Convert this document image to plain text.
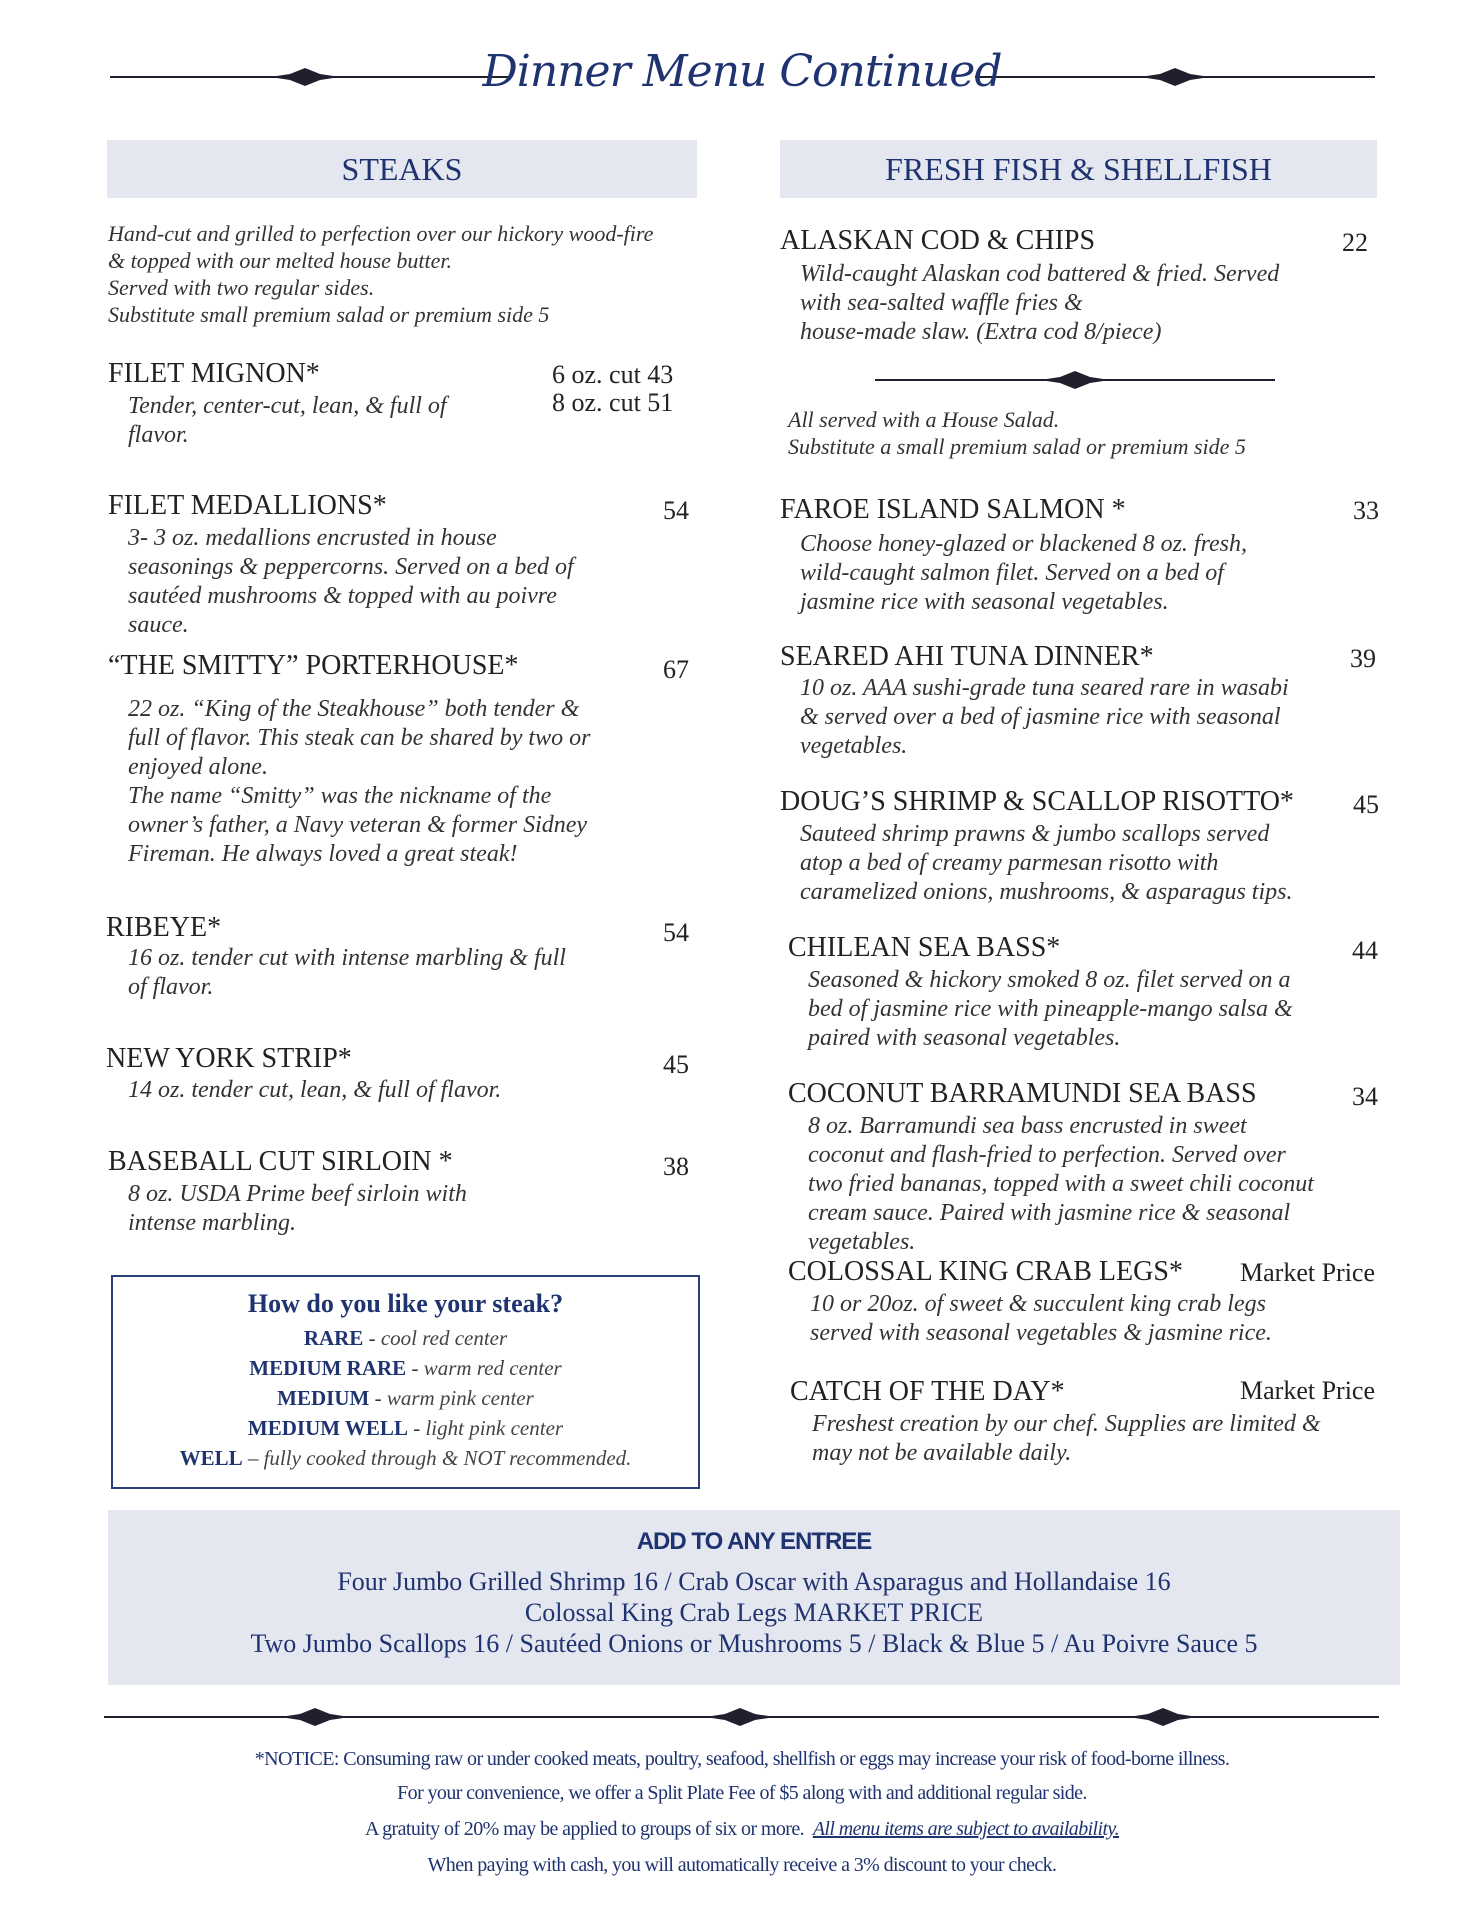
Dinner Menu Continued
STEAKS
Hand-cut and grilled to perfection over our hickory wood-fire
& topped with our melted house butter.
Served with two regular sides.
Substitute small premium salad or premium side 5
FILET MIGNON*	6 oz. cut 43
8 oz. cut 51
Tender, center-cut, lean, & full of
flavor.
FILET MEDALLIONS*	54
3- 3 oz. medallions encrusted in house
seasonings & peppercorns. Served on a bed of
sautéed mushrooms & topped with au poivre
sauce.
“THE SMITTY” PORTERHOUSE*	67
22 oz. “King of the Steakhouse” both tender &
full of flavor. This steak can be shared by two or
enjoyed alone.
The name “Smitty” was the nickname of the
owner’s father, a Navy veteran & former Sidney
Fireman. He always loved a great steak!
RIBEYE*	54
16 oz. tender cut with intense marbling & full
of flavor.
NEW YORK STRIP*	45
14 oz. tender cut, lean, & full of flavor.
BASEBALL CUT SIRLOIN *	38
8 oz. USDA Prime beef sirloin with
intense marbling.
How do you like your steak?
RARE - cool red center
MEDIUM RARE - warm red center
MEDIUM - warm pink center
MEDIUM WELL - light pink center
WELL – fully cooked through & NOT recommended.
FRESH FISH & SHELLFISH
ALASKAN COD & CHIPS	22
Wild-caught Alaskan cod battered & fried. Served
with sea-salted waffle fries &
house-made slaw. (Extra cod 8/piece)
All served with a House Salad.
Substitute a small premium salad or premium side 5
FAROE ISLAND SALMON *	33
Choose honey-glazed or blackened 8 oz. fresh,
wild-caught salmon filet. Served on a bed of
jasmine rice with seasonal vegetables.
SEARED AHI TUNA DINNER*	39
10 oz. AAA sushi-grade tuna seared rare in wasabi
& served over a bed of jasmine rice with seasonal
vegetables.
DOUG’S SHRIMP & SCALLOP RISOTTO* 45
Sauteed shrimp prawns & jumbo scallops served
atop a bed of creamy parmesan risotto with
caramelized onions, mushrooms, & asparagus tips.
CHILEAN SEA BASS*	44
Seasoned & hickory smoked 8 oz. filet served on a
bed of jasmine rice with pineapple-mango salsa &
paired with seasonal vegetables.
COCONUT BARRAMUNDI SEA BASS	34
8 oz. Barramundi sea bass encrusted in sweet
coconut and flash-fried to perfection. Served over
two fried bananas, topped with a sweet chili coconut
cream sauce. Paired with jasmine rice & seasonal
vegetables.
COLOSSAL KING CRAB LEGS* Market Price
10 or 20oz. of sweet & succulent king crab legs
served with seasonal vegetables & jasmine rice.
CATCH OF THE DAY*	Market Price
Freshest creation by our chef. Supplies are limited &
may not be available daily.
ADD TO ANY ENTREE
Four Jumbo Grilled Shrimp 16 / Crab Oscar with Asparagus and Hollandaise 16
Colossal King Crab Legs MARKET PRICE
Two Jumbo Scallops 16 / Sautéed Onions or Mushrooms 5 / Black & Blue 5 / Au Poivre Sauce 5
*NOTICE: Consuming raw or under cooked meats, poultry, seafood, shellfish or eggs may increase your risk of food-borne illness.
For your convenience, we offer a Split Plate Fee of $5 along with and additional regular side.
A gratuity of 20% may be applied to groups of six or more. All menu items are subject to availability.
When paying with cash, you will automatically receive a 3% discount to your check.
